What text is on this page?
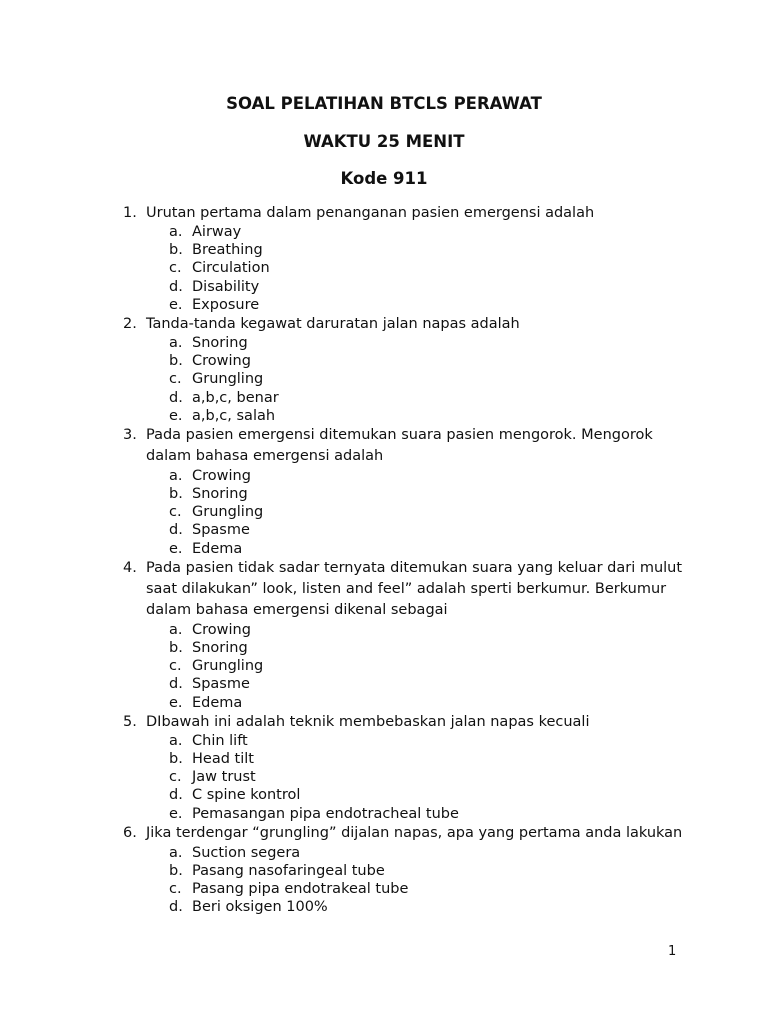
SOAL PELATIHAN BTCLS PERAWAT
WAKTU 25 MENIT
Kode 911
1. Urutan pertama dalam penanganan pasien emergensi adalah

a. Airway
b. Breathing
c. Circulation
d. Disability
e. Exposure
2. Tanda-tanda kegawat daruratan jalan napas adalah

a. Snoring
b. Crowing
c. Grungling
d. a,b,c, benar
e. a,b,c, salah
3. Pada pasien emergensi ditemukan suara pasien mengorok. Mengorok dalam bahasa emergensi adalah

a. Crowing
b. Snoring
c. Grungling
d. Spasme
e. Edema
4. Pada pasien tidak sadar ternyata ditemukan suara yang keluar dari mulut saat dilakukan” look, listen and feel” adalah sperti berkumur. Berkumur dalam bahasa emergensi dikenal sebagai

a. Crowing
b. Snoring
c. Grungling
d. Spasme
e. Edema
5. DIbawah ini adalah teknik membebaskan jalan napas kecuali

a. Chin lift
b. Head tilt
c. Jaw trust
d. C spine kontrol
e. Pemasangan pipa endotracheal tube
6. Jika terdengar “grungling” dijalan napas, apa yang pertama anda lakukan

a. Suction segera
b. Pasang nasofaringeal tube
c. Pasang pipa endotrakeal tube
d. Beri oksigen 100%
1
